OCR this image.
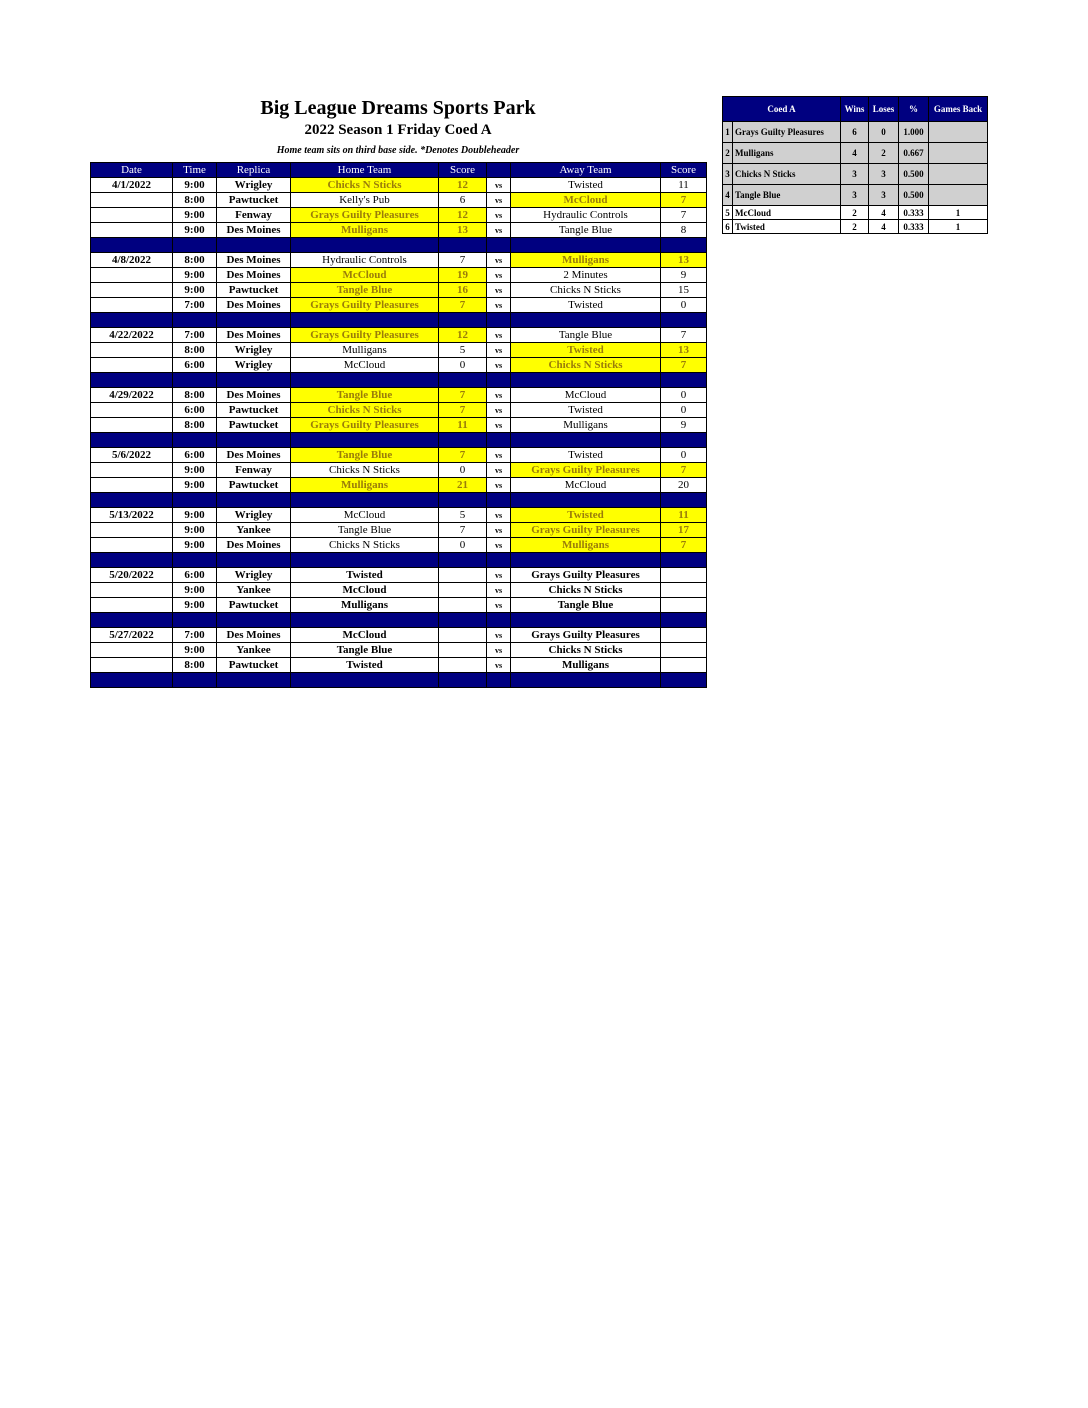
Big League Dreams Sports Park
2022 Season 1 Friday Coed A
Home team sits on third base side. *Denotes Doubleheader
Date	Time	Replica	Home Team	Score		Away Team	Score
4/1/2022	9:00	Wrigley	Chicks N Sticks	12	vs	Twisted	11
	8:00	Pawtucket	Kelly's Pub	6	vs	McCloud	7
	9:00	Fenway	Grays Guilty Pleasures	12	vs	Hydraulic Controls	7
	9:00	Des Moines	Mulligans	13	vs	Tangle Blue	8

4/8/2022	8:00	Des Moines	Hydraulic Controls	7	vs	Mulligans	13
	9:00	Des Moines	McCloud	19	vs	2 Minutes	9
	9:00	Pawtucket	Tangle Blue	16	vs	Chicks N Sticks	15
	7:00	Des Moines	Grays Guilty Pleasures	7	vs	Twisted	0

4/22/2022	7:00	Des Moines	Grays Guilty Pleasures	12	vs	Tangle Blue	7
	8:00	Wrigley	Mulligans	5	vs	Twisted	13
	6:00	Wrigley	McCloud	0	vs	Chicks N Sticks	7

4/29/2022	8:00	Des Moines	Tangle Blue	7	vs	McCloud	0
	6:00	Pawtucket	Chicks N Sticks	7	vs	Twisted	0
	8:00	Pawtucket	Grays Guilty Pleasures	11	vs	Mulligans	9

5/6/2022	6:00	Des Moines	Tangle Blue	7	vs	Twisted	0
	9:00	Fenway	Chicks N Sticks	0	vs	Grays Guilty Pleasures	7
	9:00	Pawtucket	Mulligans	21	vs	McCloud	20

5/13/2022	9:00	Wrigley	McCloud	5	vs	Twisted	11
	9:00	Yankee	Tangle Blue	7	vs	Grays Guilty Pleasures	17
	9:00	Des Moines	Chicks N Sticks	0	vs	Mulligans	7

5/20/2022	6:00	Wrigley	Twisted		vs	Grays Guilty Pleasures	
	9:00	Yankee	McCloud		vs	Chicks N Sticks	
	9:00	Pawtucket	Mulligans		vs	Tangle Blue	

5/27/2022	7:00	Des Moines	McCloud		vs	Grays Guilty Pleasures	
	9:00	Yankee	Tangle Blue		vs	Chicks N Sticks	
	8:00	Pawtucket	Twisted		vs	Mulligans	

Coed A		Wins	Loses	%	Games Back
1	Grays Guilty Pleasures	6	0	1.000	
2	Mulligans	4	2	0.667	
3	Chicks N Sticks	3	3	0.500	
4	Tangle Blue	3	3	0.500	
5	McCloud	2	4	0.333	1
6	Twisted	2	4	0.333	1
